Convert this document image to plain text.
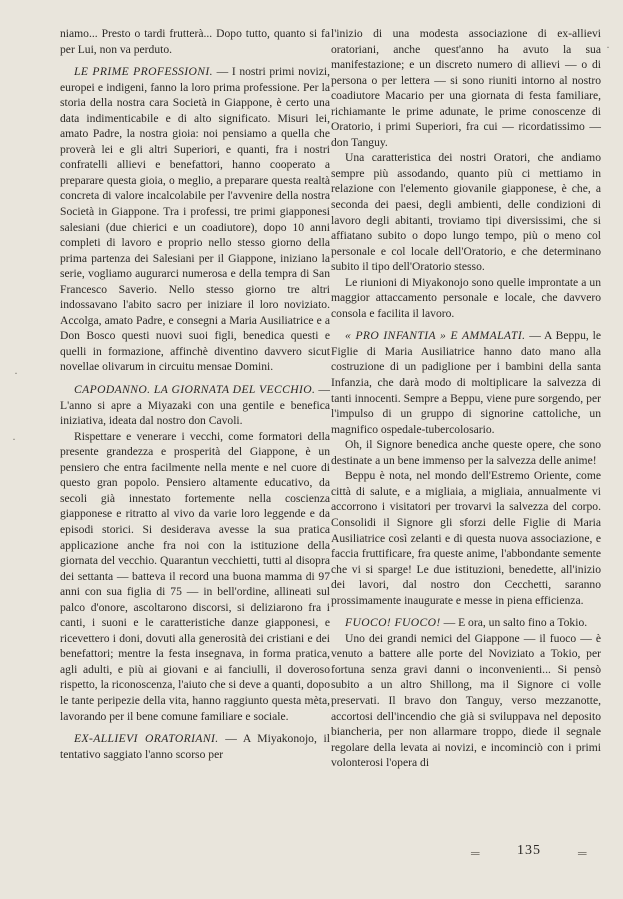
niamo... Presto o tardi frutterà... Dopo tutto, quanto si fa per Lui, non va perduto.

LE PRIME PROFESSIONI. — I nostri primi novizi, europei e indigeni, fanno la loro prima professione. Per la storia della nostra cara Società in Giappone, è certo una data indimenticabile e di alto significato. Misuri lei, amato Padre, la nostra gioia: noi pensiamo a quella che proverà lei e gli altri Superiori, e quanti, fra i nostri confratelli allievi e benefattori, hanno cooperato a preparare questa gioia, o meglio, a preparare questa realtà concreta di valore incalcolabile per l'avvenire della nostra Società in Giappone. Tra i professi, tre primi giapponesi salesiani (due chierici e un coadiutore), dopo 10 anni completi di lavoro e proprio nello stesso giorno della prima partenza dei Salesiani per il Giappone, iniziano la serie, vogliamo augurarci numerosa e della tempra di San Francesco Saverio. Nello stesso giorno tre altri indossavano l'abito sacro per iniziare il loro noviziato. Accolga, amato Padre, e consegni a Maria Ausiliatrice e a Don Bosco questi nuovi suoi figli, benedica questi e quelli in formazione, affinchè diventino davvero sicut novellae olivarum in circuitu mensae Domini.

CAPODANNO. LA GIORNATA DEL VECCHIO. — L'anno si apre a Miyazaki con una gentile e benefica iniziativa, ideata dal nostro don Cavoli.

Rispettare e venerare i vecchi, come formatori della presente grandezza e prosperità del Giappone, è un pensiero che entra facilmente nella mente e nel cuore di questo gran popolo. Pensiero altamente educativo, da secoli già innestato fortemente nella coscienza giapponese e ritratto al vivo da varie loro leggende e da episodi storici. Si desiderava avesse la sua pratica applicazione anche fra noi con la istituzione della giornata del vecchio. Quarantun vecchietti, tutti al disopra dei settanta — batteva il record una buona mamma di 97 anni con sua figlia di 75 — in bell'ordine, allineati sul palco d'onore, ascoltarono discorsi, si deliziarono fra i canti, i suoni e le caratteristiche danze giapponesi, e ricevettero i doni, dovuti alla generosità dei cristiani e dei benefattori; mentre la festa insegnava, in forma pratica, agli adulti, e più ai giovani e ai fanciulli, il doveroso rispetto, la riconoscenza, l'aiuto che si deve a quanti, dopo le tante peripezie della vita, hanno raggiunto questa mèta, lavorando per il bene comune familiare e sociale.

EX-ALLIEVI ORATORIANI. — A Miyakonojo, il tentativo saggiato l'anno scorso per

l'inizio di una modesta associazione di ex-allievi oratoriani, anche quest'anno ha avuto la sua manifestazione; e un discreto numero di allievi — o di persona o per lettera — si sono riuniti intorno al nostro coadiutore Macario per una giornata di festa familiare, richiamante le prime adunate, le prime conoscenze di Oratorio, i primi Superiori, fra cui — ricordatissimo — don Tanguy.

Una caratteristica dei nostri Oratori, che andiamo sempre più assodando, quanto più ci mettiamo in relazione con l'elemento giovanile giapponese, è che, a seconda dei paesi, degli ambienti, delle condizioni di lavoro degli abitanti, troviamo tipi diversissimi, che si affiatano subito o dopo lungo tempo, più o meno col personale e col locale dell'Oratorio, e che determinano subito il tipo dell'Oratorio stesso.

Le riunioni di Miyakonojo sono quelle improntate a un maggior attaccamento personale e locale, che davvero consola e facilita il lavoro.

« PRO INFANTIA » E AMMALATI. — A Beppu, le Figlie di Maria Ausiliatrice hanno dato mano alla costruzione di un padiglione per i bambini della santa Infanzia, che darà modo di moltiplicare la salvezza di tanti innocenti. Sempre a Beppu, viene pure sorgendo, per l'impulso di un gruppo di signorine cattoliche, un magnifico ospedale-tubercolosario.

Oh, il Signore benedica anche queste opere, che sono destinate a un bene immenso per la salvezza delle anime!

Beppu è nota, nel mondo dell'Estremo Oriente, come città di salute, e a migliaia, a migliaia, annualmente vi accorrono i visitatori per trovarvi la salvezza del corpo. Consolidi il Signore gli sforzi delle Figlie di Maria Ausiliatrice così zelanti e di questa nuova associazione, e faccia fruttificare, fra queste anime, l'abbondante semente che vi si sparge! Le due istituzioni, benedette, all'inizio dei lavori, dal nostro don Cecchetti, saranno prossimamente inaugurate e messe in piena efficienza.

FUOCO! FUOCO! — E ora, un salto fino a Tokio.

Uno dei grandi nemici del Giappone — il fuoco — è venuto a battere alle porte del Noviziato a Tokio, per fortuna senza gravi danni o inconvenienti... Si pensò subito a un altro Shillong, ma il Signore ci volle preservati. Il bravo don Tanguy, verso mezzanotte, accortosi dell'incendio che già si sviluppava nel deposito biancheria, per non allarmare troppo, diede il segnale regolare della levata ai novizi, e incominciò con i primi volonterosi l'opera di

135
·
·
·
═	═
